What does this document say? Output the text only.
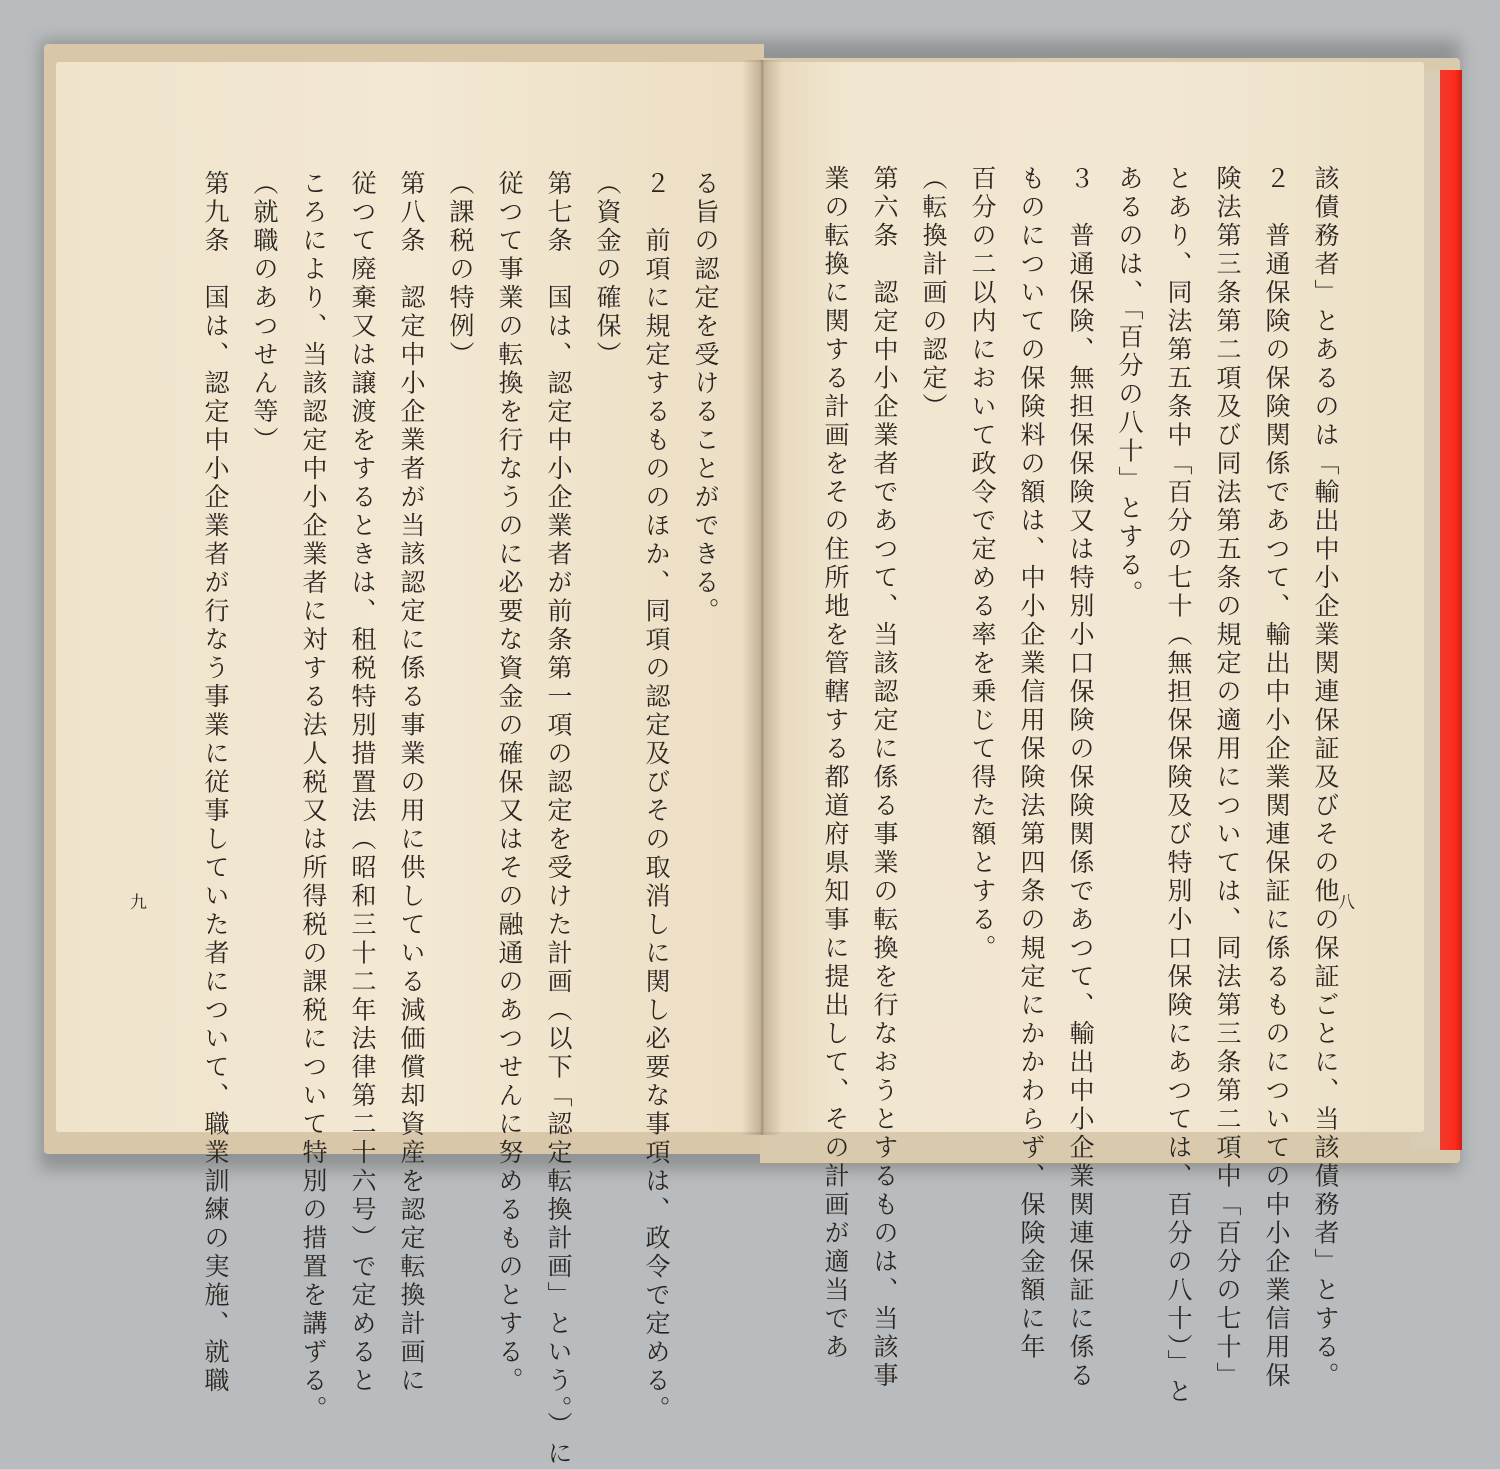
る旨の認定を受けることができる。
２　前項に規定するもののほか、同項の認定及びその取消しに関し必要な事項は、政令で定める。
（資金の確保）
第七条　国は、認定中小企業者が前条第一項の認定を受けた計画（以下「認定転換計画」という。）に
従つて事業の転換を行なうのに必要な資金の確保又はその融通のあつせんに努めるものとする。
（課税の特例）
第八条　認定中小企業者が当該認定に係る事業の用に供している減価償却資産を認定転換計画に
従つて廃棄又は譲渡をするときは、租税特別措置法（昭和三十二年法律第二十六号）で定めると
ころにより、当該認定中小企業者に対する法人税又は所得税の課税について特別の措置を講ずる。
（就職のあつせん等）
第九条　国は、認定中小企業者が行なう事業に従事していた者について、職業訓練の実施、就職
九	該債務者」とあるのは「輸出中小企業関連保証及びその他の保証ごとに、当該債務者」とする。
２　普通保険の保険関係であつて、輸出中小企業関連保証に係るものについての中小企業信用保
険法第三条第二項及び同法第五条の規定の適用については、同法第三条第二項中「百分の七十」
とあり、同法第五条中「百分の七十（無担保保険及び特別小口保険にあつては、百分の八十）」と
あるのは、「百分の八十」とする。
３　普通保険、無担保保険又は特別小口保険の保険関係であつて、輸出中小企業関連保証に係る
ものについての保険料の額は、中小企業信用保険法第四条の規定にかかわらず、保険金額に年
百分の二以内において政令で定める率を乗じて得た額とする。
（転換計画の認定）
第六条　認定中小企業者であつて、当該認定に係る事業の転換を行なおうとするものは、当該事
業の転換に関する計画をその住所地を管轄する都道府県知事に提出して、その計画が適当であ	八
